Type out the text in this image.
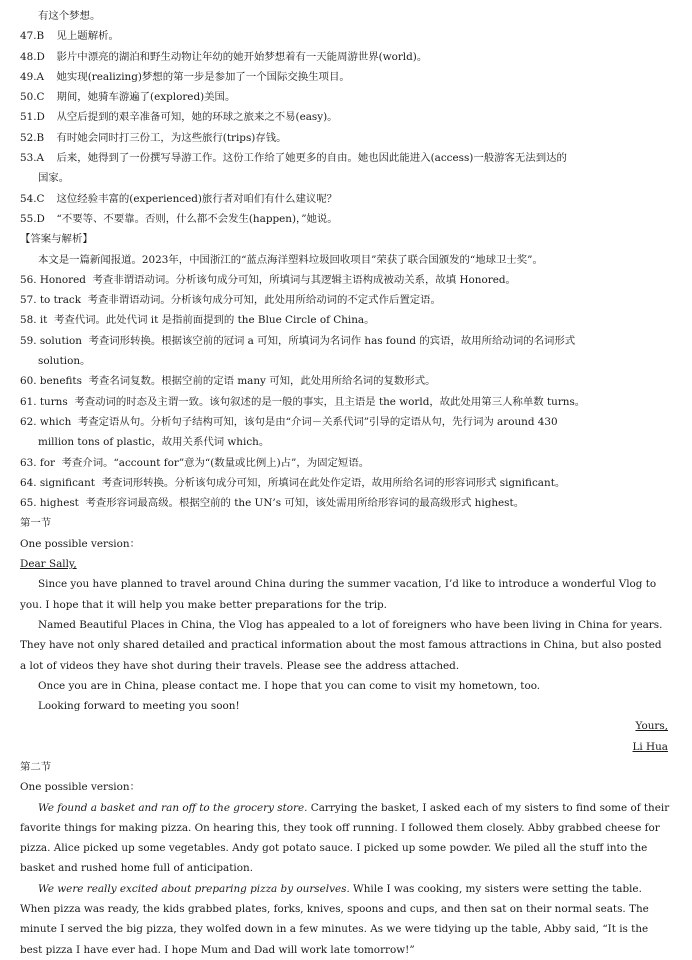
有这个梦想。
47.B 见上题解析。
48.D 影片中漂亮的湖泊和野生动物让年幼的她开始梦想着有一天能周游世界(world)。
49.A 她实现(realizing)梦想的第一步是参加了一个国际交换生项目。
50.C 期间，她骑车游遍了(explored)美国。
51.D 从空后提到的艰辛准备可知，她的环球之旅来之不易(easy)。
52.B 有时她会同时打三份工，为这些旅行(trips)存钱。
53.A 后来，她得到了一份撰写导游工作。这份工作给了她更多的自由。她也因此能进入(access)一般游客无法到达的
国家。
54.C 这位经验丰富的(experienced)旅行者对咱们有什么建议呢？
55.D “不要等、不要靠。否则，什么都不会发生(happen)，”她说。
【答案与解析】
本文是一篇新闻报道。2023年，中国浙江的“蓝点海洋塑料垃圾回收项目”荣获了联合国颁发的“地球卫士奖”。
56. Honored 考查非谓语动词。分析该句成分可知，所填词与其逻辑主语构成被动关系，故填 Honored。
57. to track 考查非谓语动词。分析该句成分可知，此处用所给动词的不定式作后置定语。
58. it 考查代词。此处代词 it 是指前面提到的 the Blue Circle of China。
59. solution 考查词形转换。根据该空前的冠词 a 可知，所填词为名词作 has found 的宾语，故用所给动词的名词形式
solution。
60. benefits 考查名词复数。根据空前的定语 many 可知，此处用所给名词的复数形式。
61. turns 考查动词的时态及主谓一致。该句叙述的是一般的事实，且主语是 the world，故此处用第三人称单数 turns。
62. which 考查定语从句。分析句子结构可知，该句是由“介词－关系代词”引导的定语从句，先行词为 around 430
million tons of plastic，故用关系代词 which。
63. for 考查介词。“account for”意为“(数量或比例上)占”，为固定短语。
64. significant 考查词形转换。分析该句成分可知，所填词在此处作定语，故用所给名词的形容词形式 significant。
65. highest 考查形容词最高级。根据空前的 the UN’s 可知，该处需用所给形容词的最高级形式 highest。
第一节
One possible version：
Dear Sally,
Since you have planned to travel around China during the summer vacation, I’d like to introduce a wonderful Vlog to you. I hope that it will help you make better preparations for the trip.
Named Beautiful Places in China, the Vlog has appealed to a lot of foreigners who have been living in China for years. They have not only shared detailed and practical information about the most famous attractions in China, but also posted a lot of videos they have shot during their travels. Please see the address attached.
Once you are in China, please contact me. I hope that you can come to visit my hometown, too.
Looking forward to meeting you soon!
Yours,
Li Hua
第二节
One possible version：
We found a basket and ran off to the grocery store. Carrying the basket, I asked each of my sisters to find some of their favorite things for making pizza. On hearing this, they took off running. I followed them closely. Abby grabbed cheese for pizza. Alice picked up some vegetables. Andy got potato sauce. I picked up some powder. We piled all the stuff into the basket and rushed home full of anticipation.
We were really excited about preparing pizza by ourselves. While I was cooking, my sisters were setting the table. When pizza was ready, the kids grabbed plates, forks, knives, spoons and cups, and then sat on their normal seats. The minute I served the big pizza, they wolfed down in a few minutes. As we were tidying up the table, Abby said, “It is the best pizza I have ever had. I hope Mum and Dad will work late tomorrow!”
